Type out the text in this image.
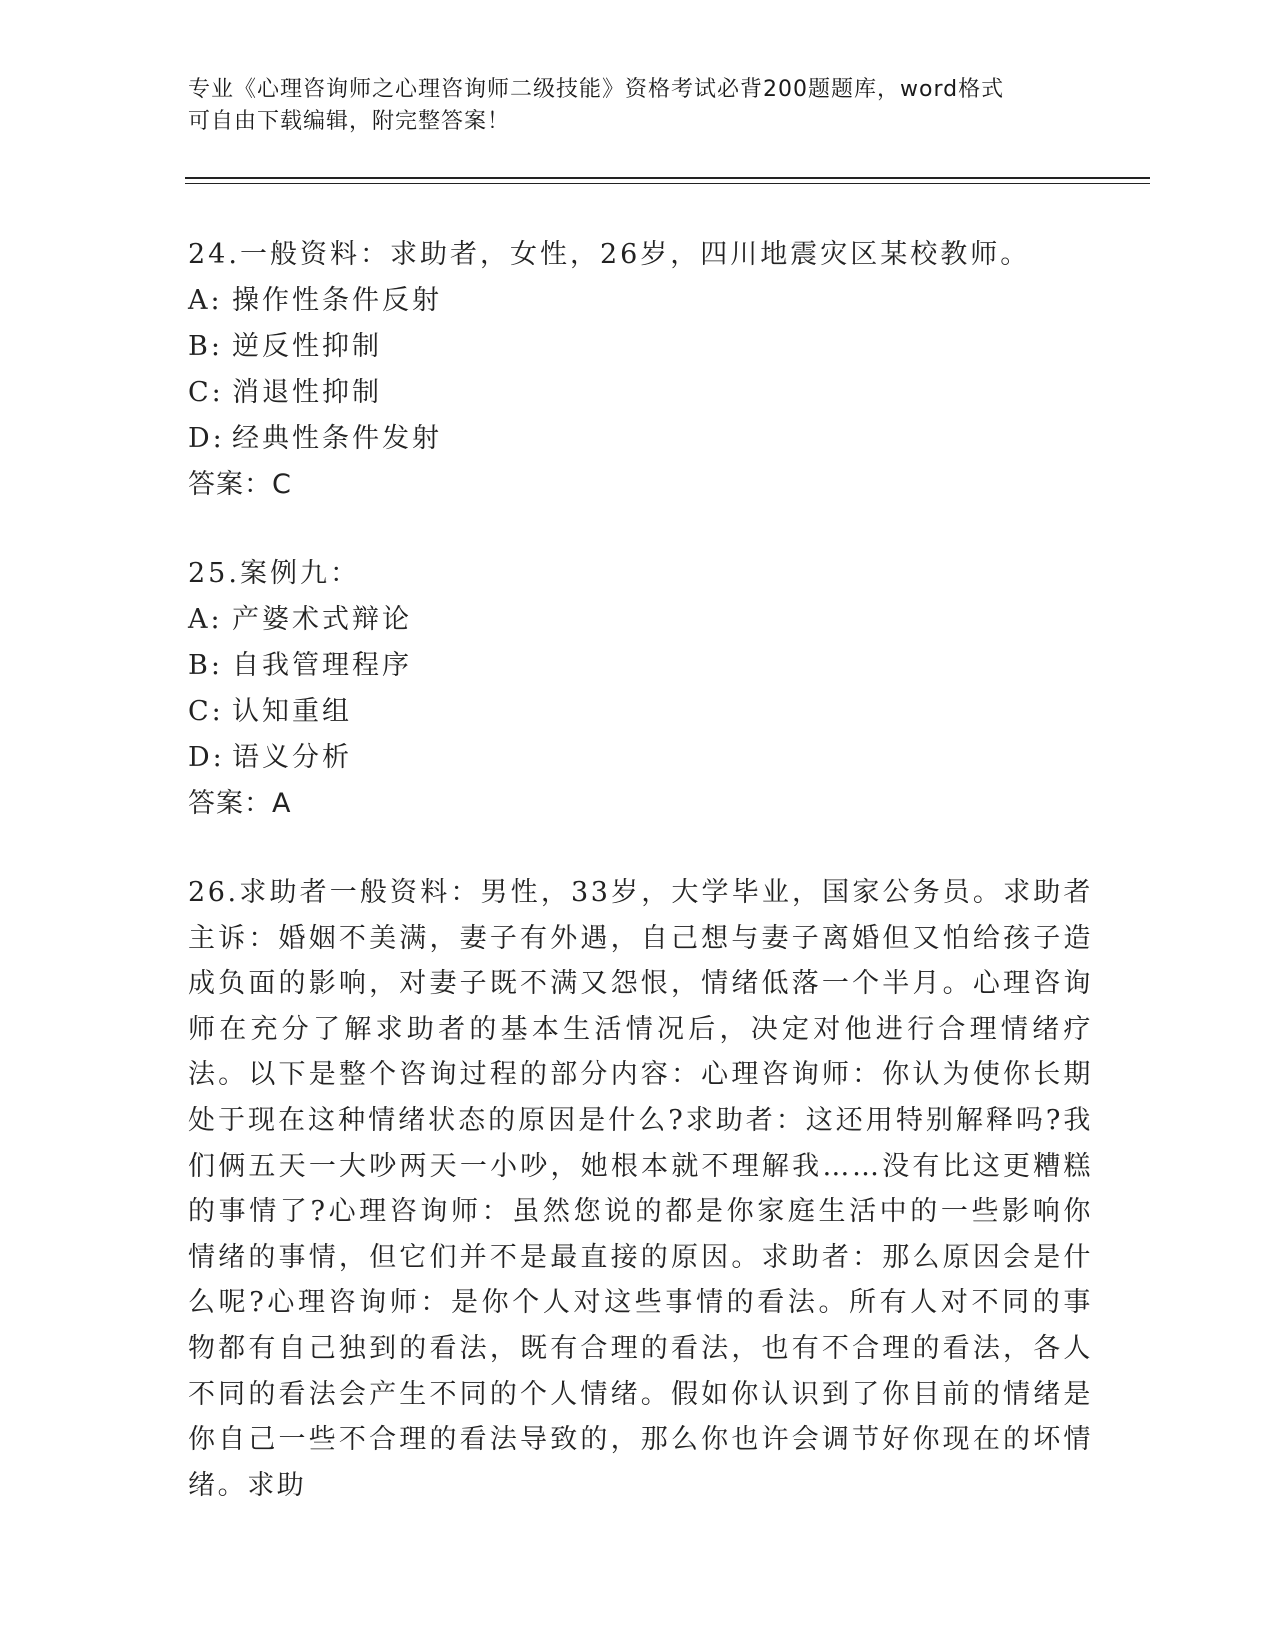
专业《心理咨询师之心理咨询师二级技能》资格考试必背200题题库，word格式

可自由下载编辑，附完整答案！

24.一般资料：求助者，女性，26岁，四川地震灾区某校教师。
A: 操作性条件反射
B: 逆反性抑制
C: 消退性抑制
D: 经典性条件发射
答案：C
25.案例九：
A: 产婆术式辩论
B: 自我管理程序
C: 认知重组
D: 语义分析
答案：A

26.求助者一般资料：男性，33岁，大学毕业，国家公务员。求助者主诉：婚姻不美满，妻子有外遇，自己想与妻子离婚但又怕给孩子造成负面的影响，对妻子既不满又怨恨，情绪低落一个半月。心理咨询师在充分了解求助者的基本生活情况后，决定对他进行合理情绪疗法。以下是整个咨询过程的部分内容：心理咨询师：你认为使你长期处于现在这种情绪状态的原因是什么?求助者：这还用特别解释吗?我们俩五天一大吵两天一小吵，她根本就不理解我……没有比这更糟糕的事情了?心理咨询师：虽然您说的都是你家庭生活中的一些影响你情绪的事情，但它们并不是最直接的原因。求助者：那么原因会是什么呢?心理咨询师：是你个人对这些事情的看法。所有人对不同的事物都有自己独到的看法，既有合理的看法，也有不合理的看法，各人不同的看法会产生不同的个人情绪。假如你认识到了你目前的情绪是你自己一些不合理的看法导致的，那么你也许会调节好你现在的坏情绪。求助
